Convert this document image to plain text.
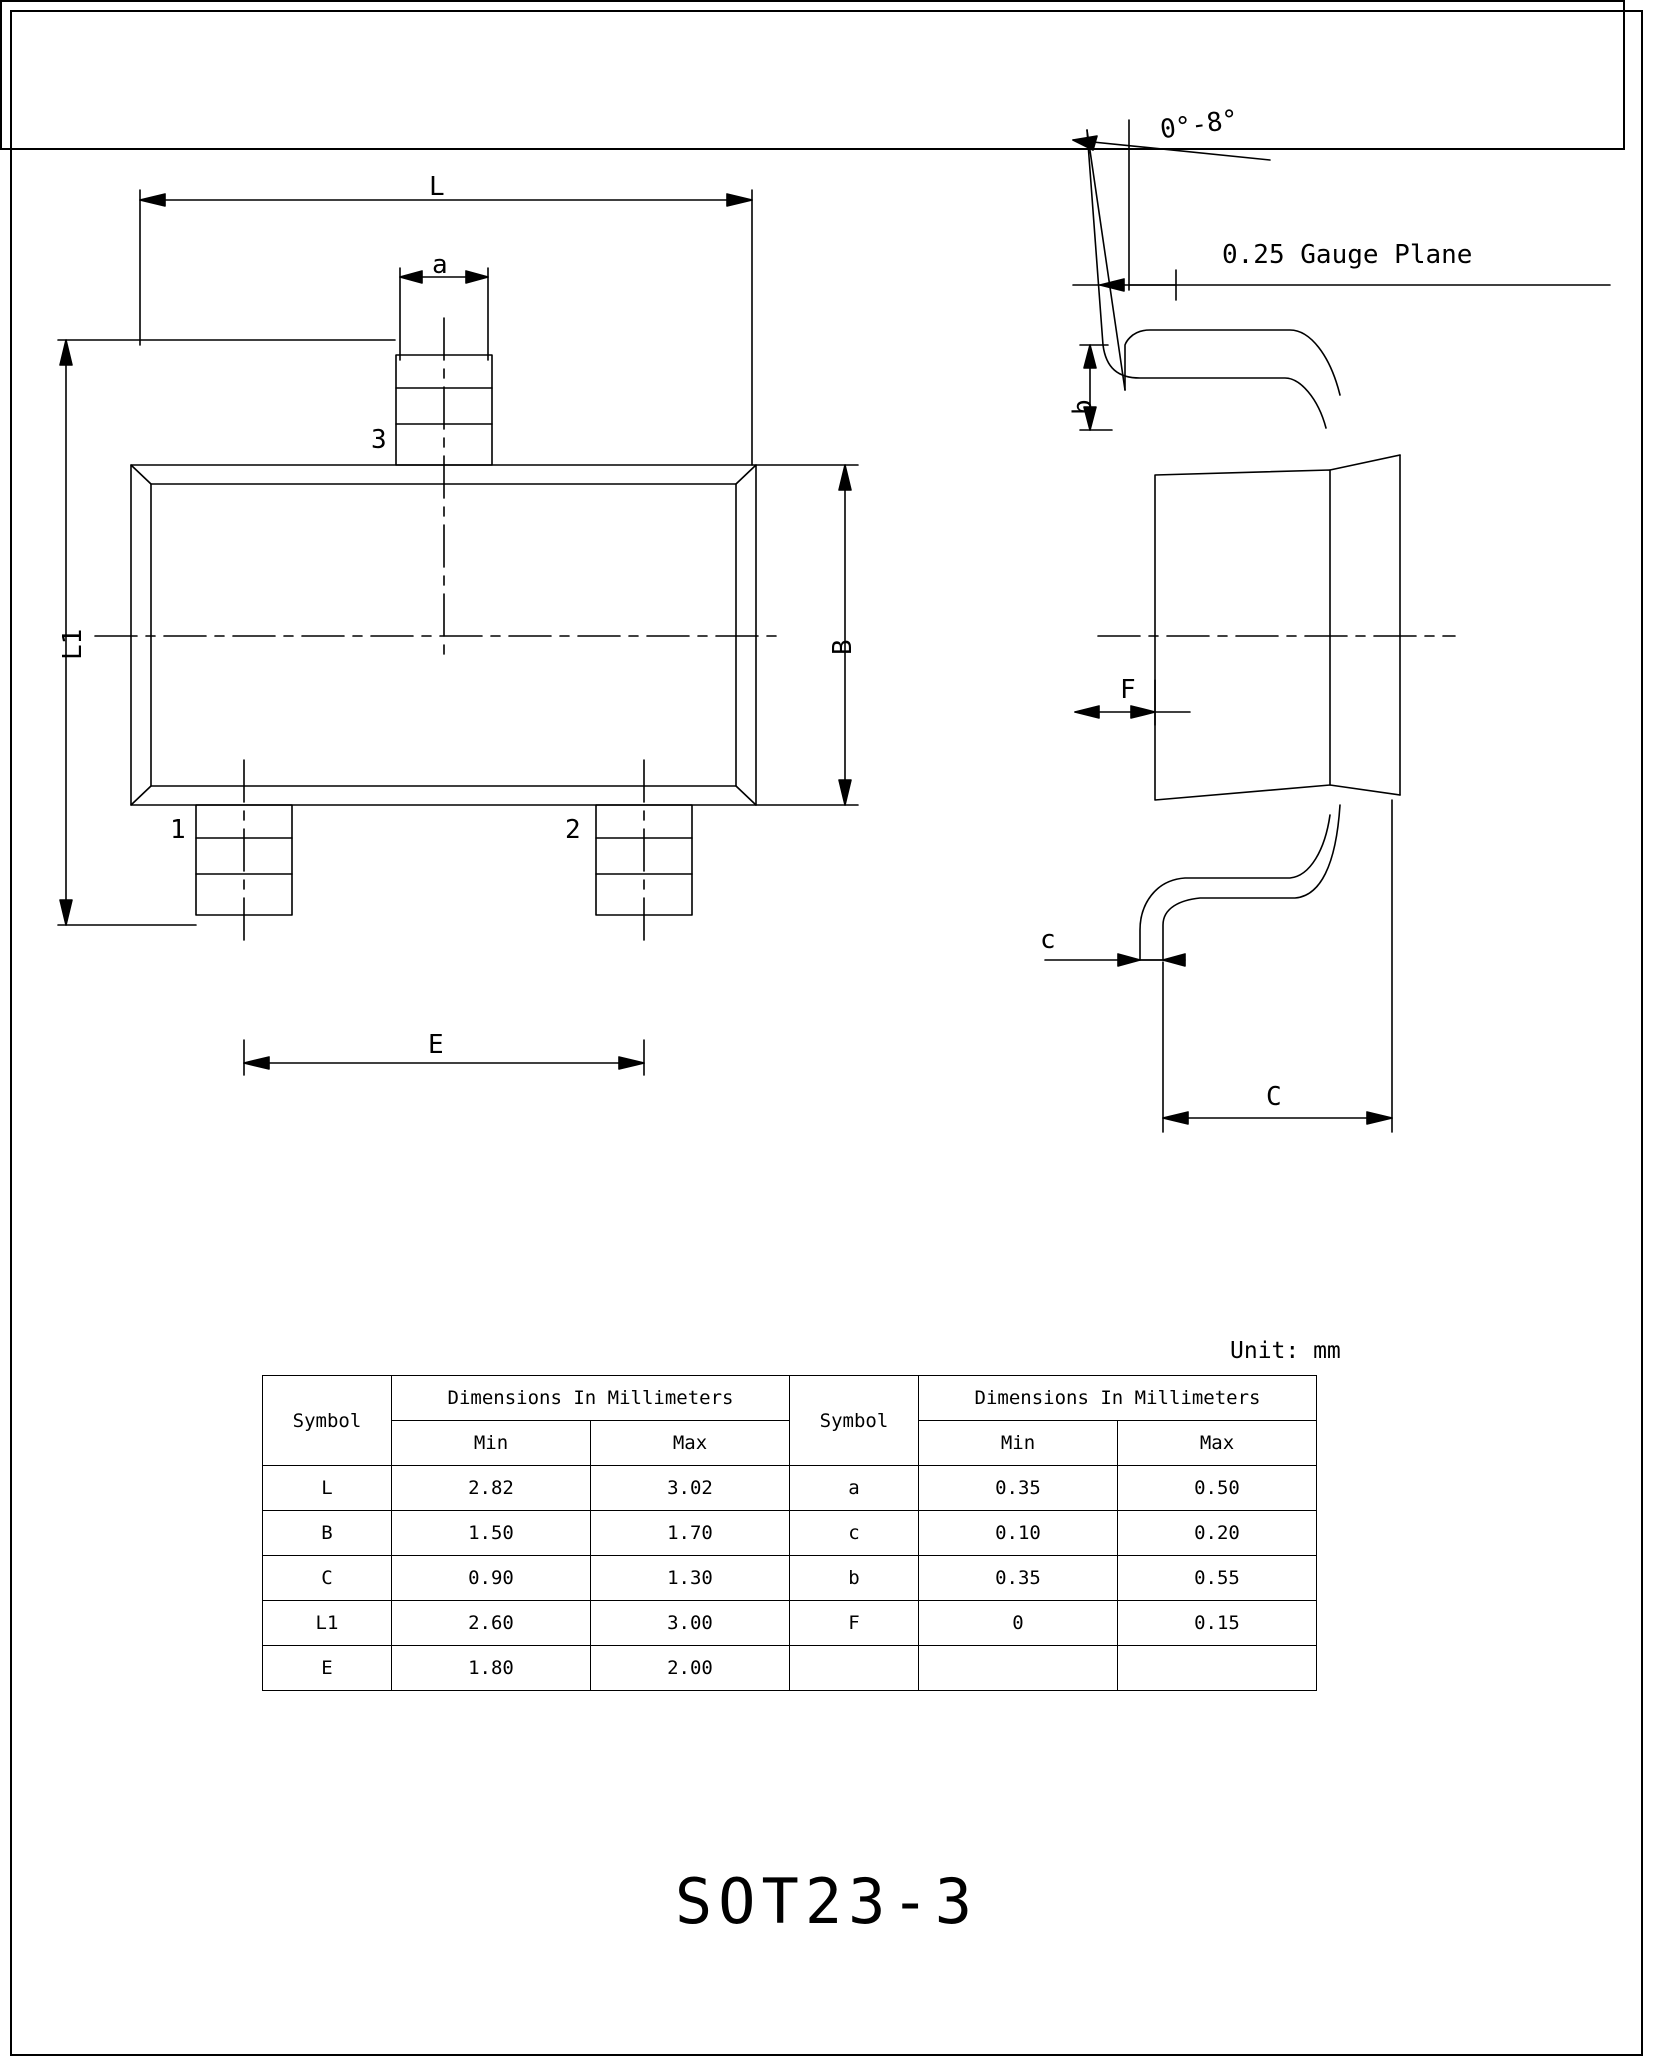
L
a
L1	B
E
3
1	2
0°-8°
0.25 Gauge Plane
b
F
c
C
Unit: mm
Symbol	Dimensions In Millimeters		Symbol	Dimensions In Millimeters	
	Min	Max		Min	Max
L	2.82	3.02	a	0.35	0.50
B	1.50	1.70	c	0.10	0.20
C	0.90	1.30	b	0.35	0.55
L1	2.60	3.00	F	0	0.15
E	1.80	2.00			
SOT23-3
